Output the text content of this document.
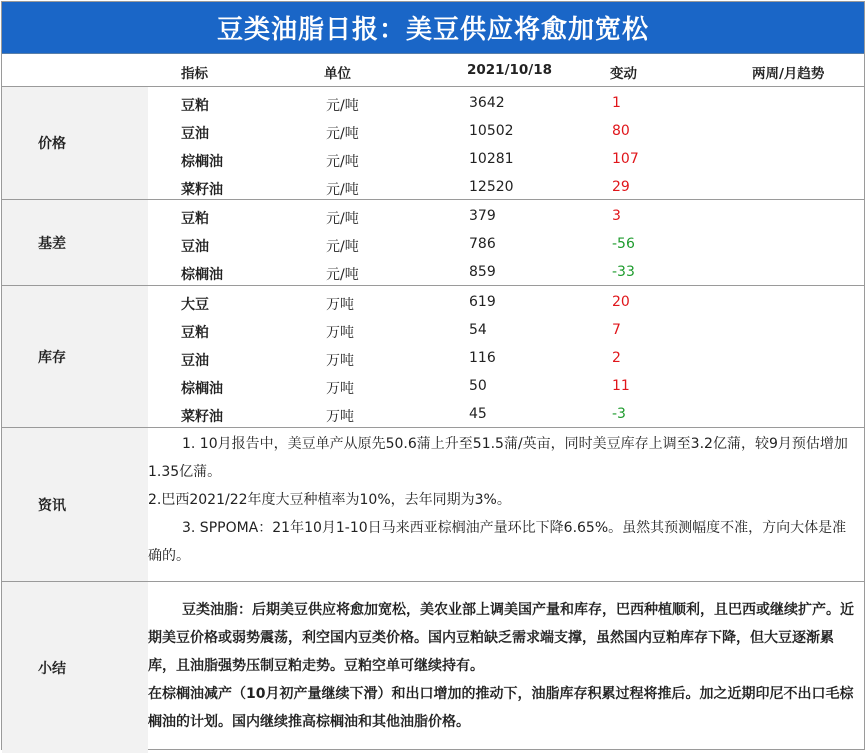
豆类油脂日报：美豆供应将愈加宽松
指标	单位	2021/10/18	变动	两周/月趋势
价格
豆粕	元/吨	3642	1
豆油	元/吨	10502	80
棕榈油	元/吨	10281	107
菜籽油	元/吨	12520	29
基差
豆粕	元/吨	379	3
豆油	元/吨	786	-56
棕榈油	元/吨	859	-33
库存
大豆	万吨	619	20
豆粕	万吨	54	7
豆油	万吨	116	2
棕榈油	万吨	50	11
菜籽油	万吨	45	-3
资讯

1. 10月报告中，美豆单产从原先50.6蒲上升至51.5蒲/英亩，同时美豆库存上调至3.2亿蒲，较9月预估增加1.35亿蒲。

2.巴西2021/22年度大豆种植率为10%，去年同期为3%。

3. SPPOMA：21年10月1-10日马来西亚棕榈油产量环比下降6.65%。虽然其预测幅度不准，方向大体是准确的。

小结

豆类油脂：后期美豆供应将愈加宽松，美农业部上调美国产量和库存，巴西种植顺利，且巴西或继续扩产。近期美豆价格或弱势震荡，利空国内豆类价格。国内豆粕缺乏需求端支撑，虽然国内豆粕库存下降，但大豆逐渐累库，且油脂强势压制豆粕走势。豆粕空单可继续持有。

在棕榈油减产（10月初产量继续下滑）和出口增加的推动下，油脂库存积累过程将推后。加之近期印尼不出口毛棕榈油的计划。国内继续推高棕榈油和其他油脂价格。
